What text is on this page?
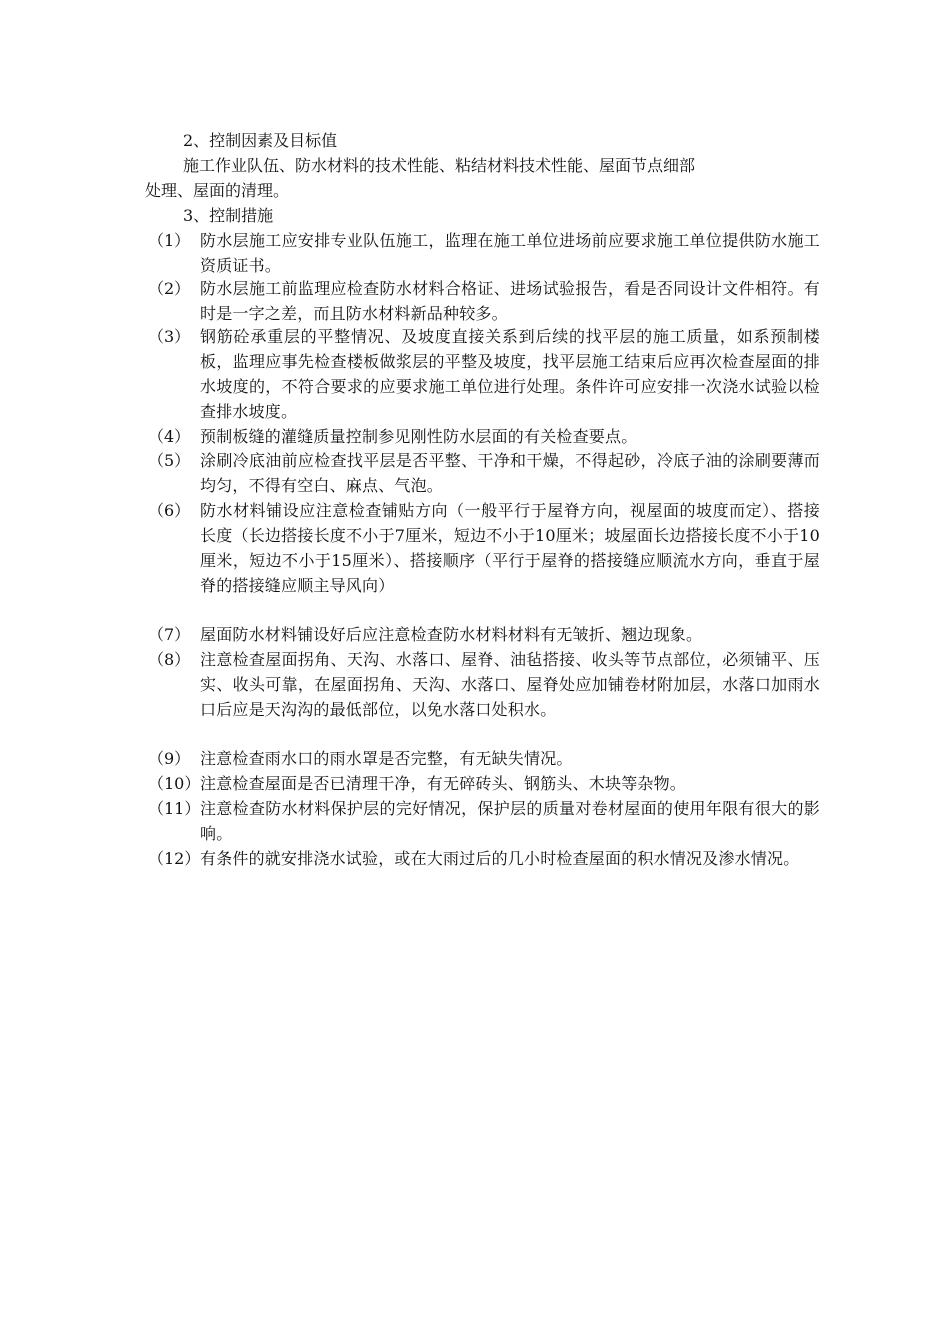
2、控制因素及目标值
施工作业队伍、防水材料的技术性能、粘结材料技术性能、屋面节点细部
处理、屋面的清理。
3、控制措施
（1） 防水层施工应安排专业队伍施工，监理在施工单位进场前应要求施工单位提供防水施工资质证书。
（2） 防水层施工前监理应检查防水材料合格证、进场试验报告，看是否同设计文件相符。有时是一字之差，而且防水材料新品种较多。
（3） 钢筋砼承重层的平整情况、及坡度直接关系到后续的找平层的施工质量，如系预制楼板，监理应事先检查楼板做浆层的平整及坡度，找平层施工结束后应再次检查屋面的排水坡度的，不符合要求的应要求施工单位进行处理。条件许可应安排一次浇水试验以检查排水坡度。
（4） 预制板缝的灌缝质量控制参见刚性防水层面的有关检查要点。
（5） 涂刷冷底油前应检查找平层是否平整、干净和干燥，不得起砂，冷底子油的涂刷要薄而均匀，不得有空白、麻点、气泡。
（6） 防水材料铺设应注意检查铺贴方向（一般平行于屋脊方向，视屋面的坡度而定）、搭接长度（长边搭接长度不小于7厘米，短边不小于10厘米；坡屋面长边搭接长度不小于10厘米，短边不小于15厘米）、搭接顺序（平行于屋脊的搭接缝应顺流水方向，垂直于屋脊的搭接缝应顺主导风向）
（7） 屋面防水材料铺设好后应注意检查防水材料材料有无皱折、翘边现象。
（8） 注意检查屋面拐角、天沟、水落口、屋脊、油毡搭接、收头等节点部位，必须铺平、压实、收头可靠，在屋面拐角、天沟、水落口、屋脊处应加铺卷材附加层，水落口加雨水口后应是天沟沟的最低部位，以免水落口处积水。
（9） 注意检查雨水口的雨水罩是否完整，有无缺失情况。
（10） 注意检查屋面是否已清理干净，有无碎砖头、钢筋头、木块等杂物。
（11） 注意检查防水材料保护层的完好情况，保护层的质量对卷材屋面的使用年限有很大的影响。
（12） 有条件的就安排浇水试验，或在大雨过后的几小时检查屋面的积水情况及渗水情况。
